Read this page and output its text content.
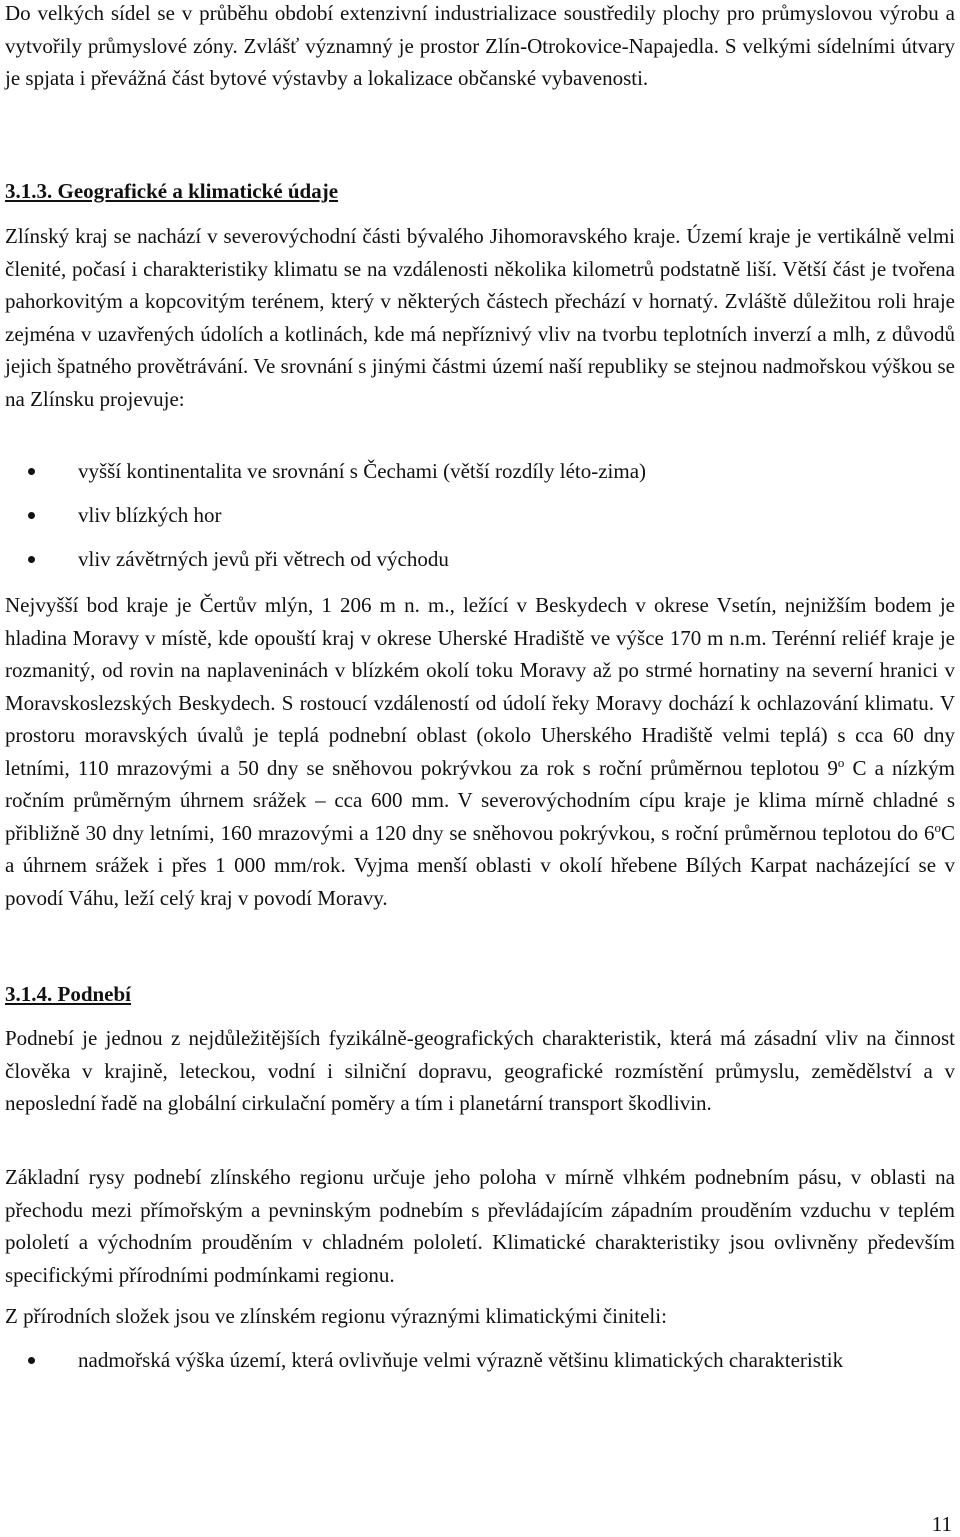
Do velkých sídel se v průběhu období extenzivní industrializace soustředily plochy pro průmyslovou výrobu a vytvořily průmyslové zóny. Zvlášť významný je prostor Zlín-Otrokovice-Napajedla. S velkými sídelními útvary je spjata i převážná část bytové výstavby a lokalizace občanské vybavenosti.

3.1.3. Geografické a klimatické údaje

Zlínský kraj se nachází v severovýchodní části bývalého Jihomoravského kraje. Území kraje je vertikálně velmi členité, počasí i charakteristiky klimatu se na vzdálenosti několika kilometrů podstatně liší. Větší část je tvořena pahorkovitým a kopcovitým terénem, který v některých částech přechází v hornatý. Zvláště důležitou roli hraje zejména v uzavřených údolích a kotlinách, kde má nepříznivý vliv na tvorbu teplotních inverzí a mlh, z důvodů jejich špatného provětrávání. Ve srovnání s jinými částmi území naší republiky se stejnou nadmořskou výškou se na Zlínsku projevuje:

vyšší kontinentalita ve srovnání s Čechami (větší rozdíly léto-zima)
vliv blízkých hor
vliv závětrných jevů při větrech od východu

Nejvyšší bod kraje je Čertův mlýn, 1 206 m n. m., ležící v Beskydech v okrese Vsetín, nejnižším bodem je hladina Moravy v místě, kde opouští kraj v okrese Uherské Hradiště ve výšce 170 m n.m. Terénní reliéf kraje je rozmanitý, od rovin na naplaveninách v blízkém okolí toku Moravy až po strmé hornatiny na severní hranici v Moravskoslezských Beskydech. S rostoucí vzdáleností od údolí řeky Moravy dochází k ochlazování klimatu. V prostoru moravských úvalů je teplá podnební oblast (okolo Uherského Hradiště velmi teplá) s cca 60 dny letními, 110 mrazovými a 50 dny se sněhovou pokrývkou za rok s roční průměrnou teplotou 9$^o$ C a nízkým ročním průměrným úhrnem srážek – cca 600 mm. V severovýchodním cípu kraje je klima mírně chladné s přibližně 30 dny letními, 160 mrazovými a 120 dny se sněhovou pokrývkou, s roční průměrnou teplotou do 6$^o$C a úhrnem srážek i přes 1 000 mm/rok. Vyjma menší oblasti v okolí hřebene Bílých Karpat nacházející se v povodí Váhu, leží celý kraj v povodí Moravy.

3.1.4. Podnebí

Podnebí je jednou z nejdůležitějších fyzikálně-geografických charakteristik, která má zásadní vliv na činnost člověka v krajině, leteckou, vodní i silniční dopravu, geografické rozmístění průmyslu, zemědělství a v neposlední řadě na globální cirkulační poměry a tím i planetární transport škodlivin.

Základní rysy podnebí zlínského regionu určuje jeho poloha v mírně vlhkém podnebním pásu, v oblasti na přechodu mezi přímořským a pevninským podnebím s převládajícím západním prouděním vzduchu v teplém pololetí a východním prouděním v chladném pololetí. Klimatické charakteristiky jsou ovlivněny především specifickými přírodními podmínkami regionu.

Z přírodních složek jsou ve zlínském regionu výraznými klimatickými činiteli:

nadmořská výška území, která ovlivňuje velmi výrazně většinu klimatických charakteristik
11
